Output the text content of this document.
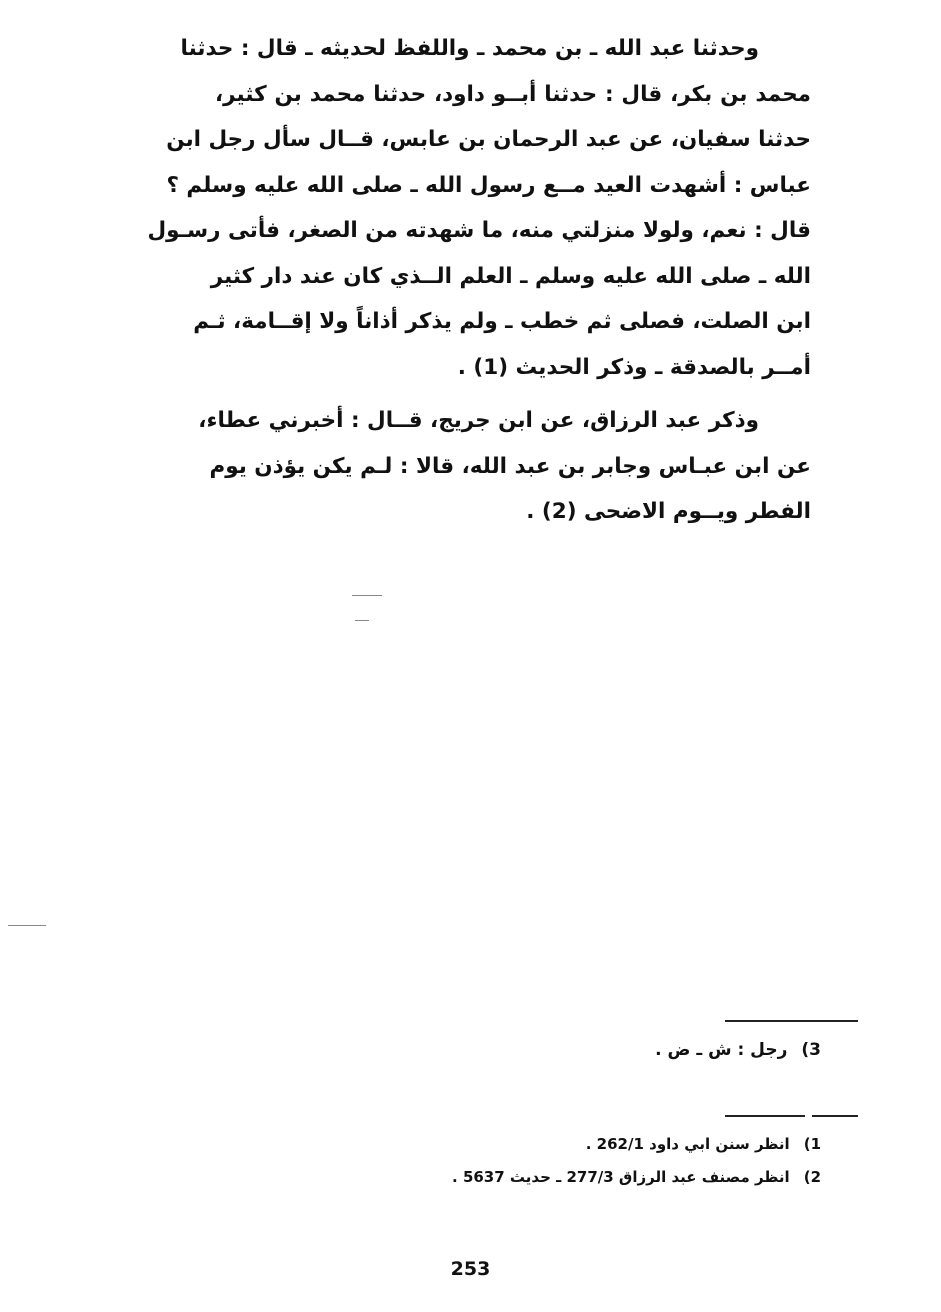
وحدثنا عبد الله ـ بن محمد ـ واللفظ لحديثه ـ قال : حدثنا
محمد بن بكر، قال : حدثنا أبــو داود، حدثنا محمد بن كثير،
حدثنا سفيان، عن عبد الرحمان بن عابس، قــال سأل رجل ابن
عباس : أشهدت العيد مــع رسول الله ـ صلى الله عليه وسلم ؟
قال : نعم، ولولا منزلتي منه، ما شهدته من الصغر، فأتى رسـول
الله ـ صلى الله عليه وسلم ـ العلم الــذي كان عند دار كثير
ابن الصلت، فصلى ثم خطب ـ ولم يذكر أذاناً ولا إقــامة، ثـم
أمــر بالصدقة ـ وذكر الحديث (1) .
وذكر عبد الرزاق، عن ابن جريج، قــال : أخبرني عطاء،
عن ابن عبـاس وجابر بن عبد الله، قالا : لـم يكن يؤذن يوم
الفطر ويــوم الاضحى (2) .
3)رجل : ش ـ ض .
1)انظر سنن ابي داود 262/1 .
2)انظر مصنف عبد الرزاق 277/3 ـ حديث 5637 .
253
